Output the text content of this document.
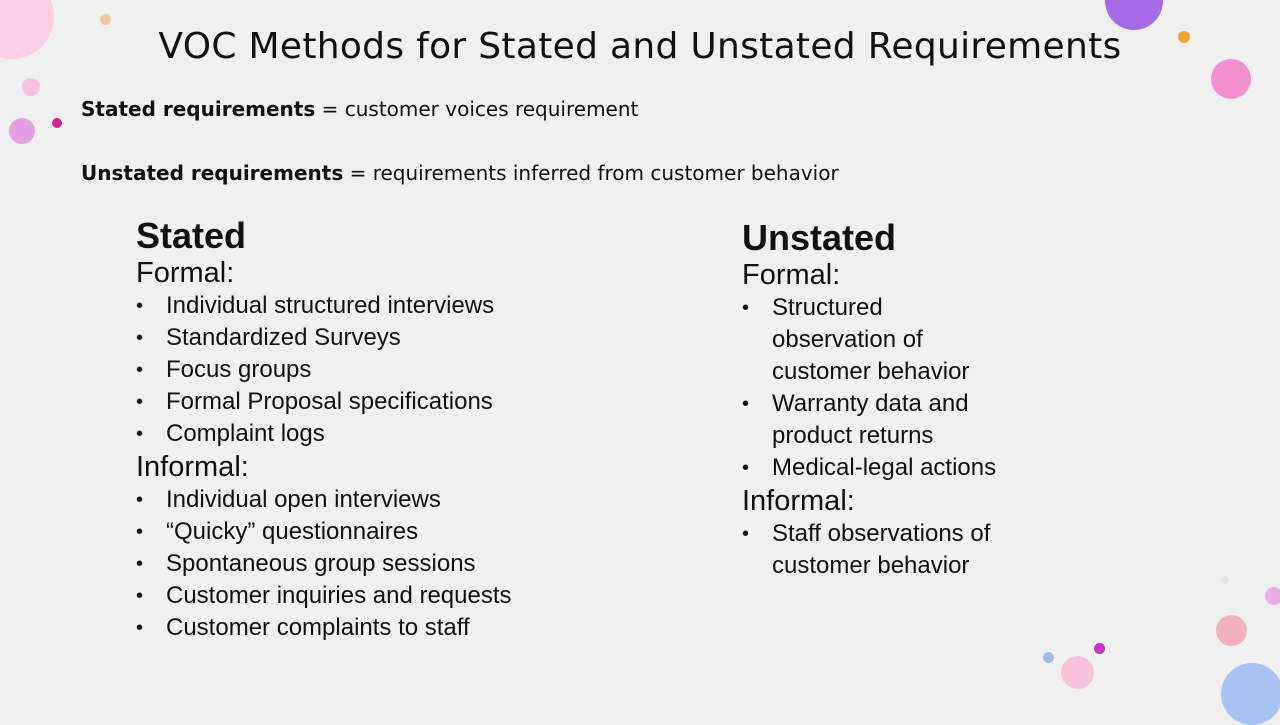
VOC Methods for Stated and Unstated Requirements
Stated requirements = customer voices requirement
Unstated requirements = requirements inferred from customer behavior
Stated
Formal:
• Individual structured interviews
• Standardized Surveys
• Focus groups
• Formal Proposal specifications
• Complaint logs
Informal:
• Individual open interviews
• “Quicky” questionnaires
• Spontaneous group sessions
• Customer inquiries and requests
• Customer complaints to staff
Unstated
Formal:
• Structured
observation of
customer behavior
• Warranty data and
product returns
• Medical-legal actions
Informal:
• Staff observations of
customer behavior
